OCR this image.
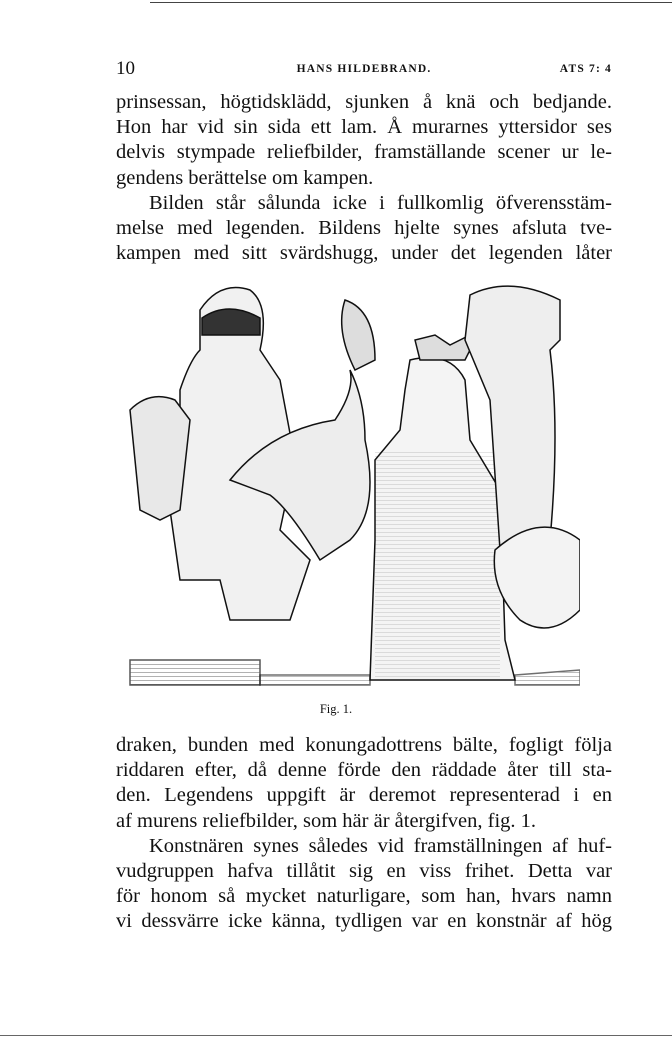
10	HANS HILDEBRAND.	ATS 7: 4
prinsessan, högtidsklädd, sjunken å knä och bedjande.
Hon har vid sin sida ett lam. Å murarnes yttersidor ses
delvis stympade reliefbilder, framställande scener ur le-
gendens berättelse om kampen.
Bilden står sålunda icke i fullkomlig öfverensstäm-
melse med legenden. Bildens hjelte synes afsluta tve-
kampen med sitt svärdshugg, under det legenden låter
Fig. 1.
draken, bunden med konungadottrens bälte, fogligt följa
riddaren efter, då denne förde den räddade åter till sta-
den. Legendens uppgift är deremot representerad i en
af murens reliefbilder, som här är återgifven, fig. 1.
Konstnären synes således vid framställningen af huf-
vudgruppen hafva tillåtit sig en viss frihet. Detta var
för honom så mycket naturligare, som han, hvars namn
vi dessvärre icke känna, tydligen var en konstnär af hög
